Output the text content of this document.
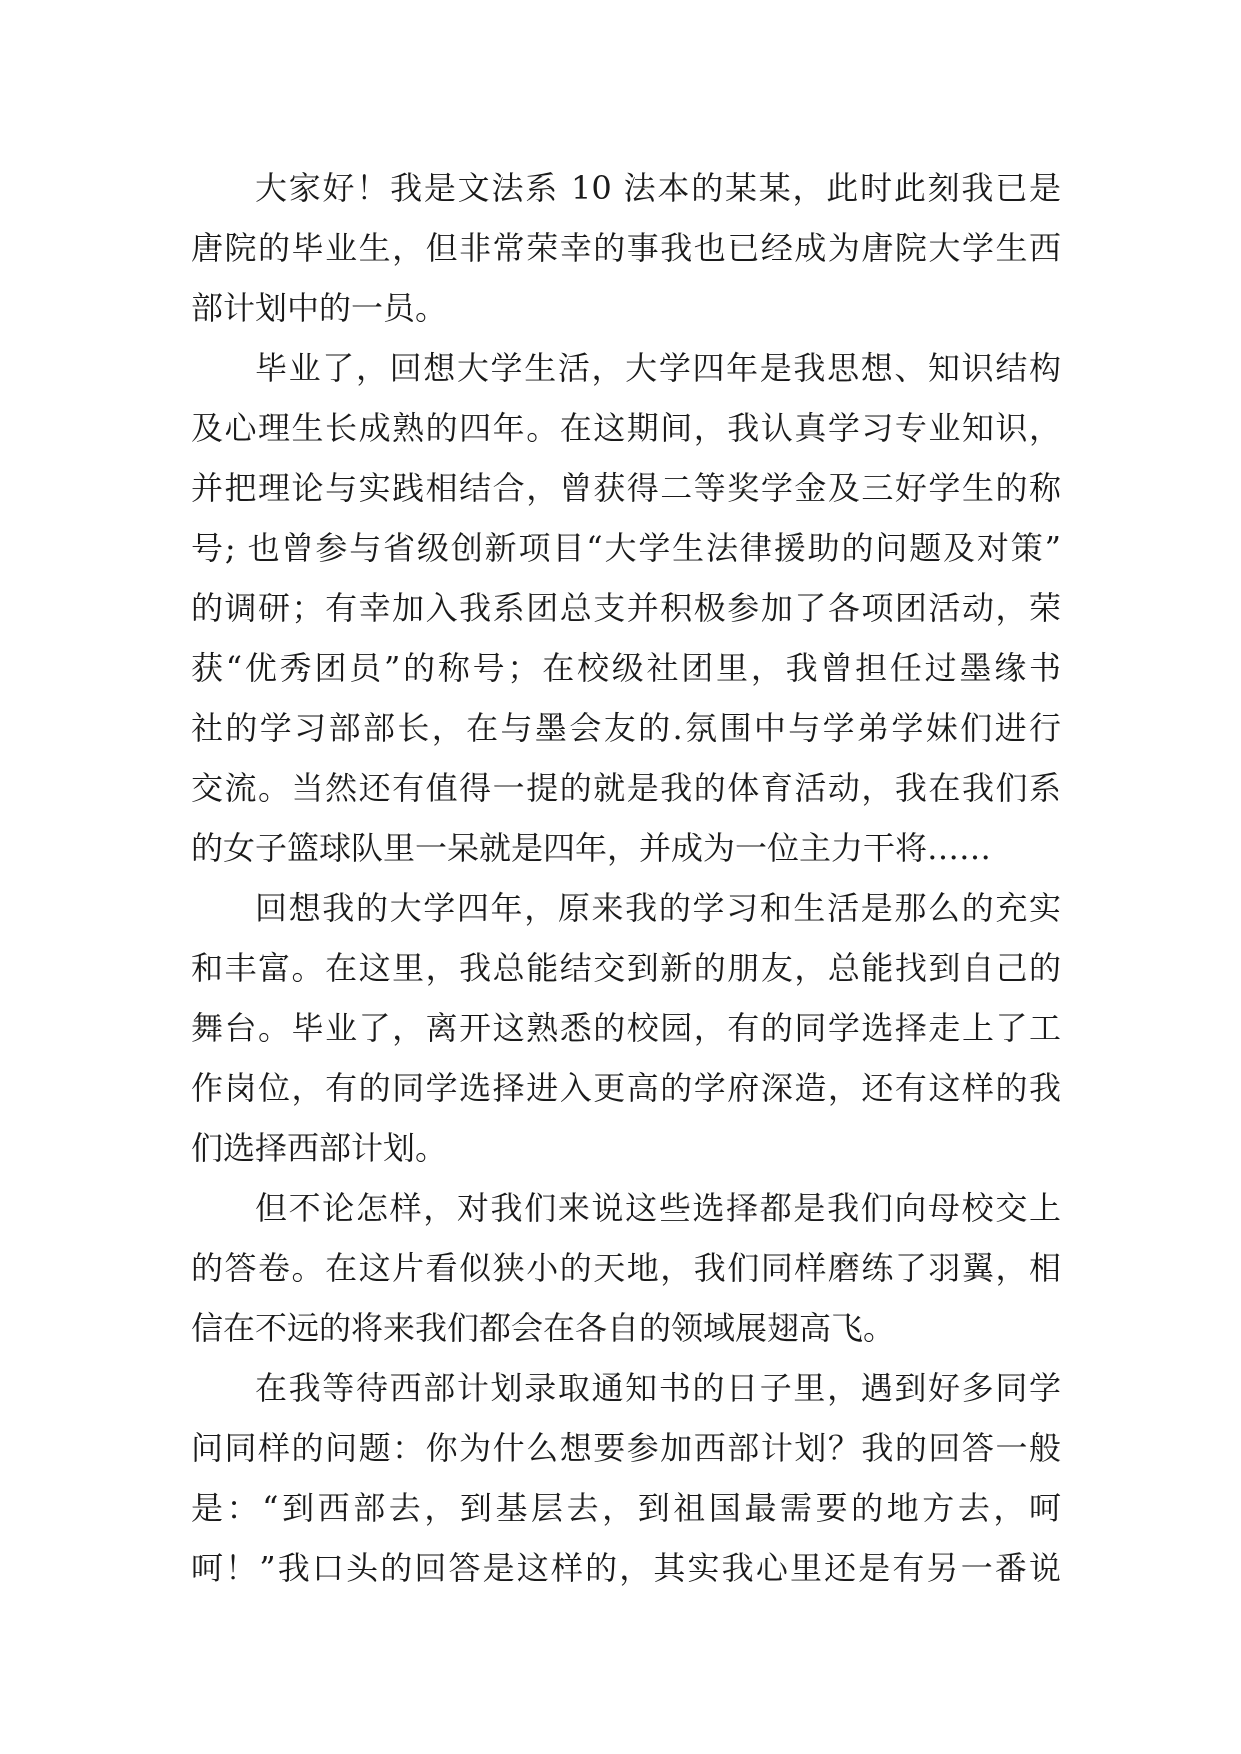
大家好！我是文法系 10 法本的某某，此时此刻我已是
唐院的毕业生，但非常荣幸的事我也已经成为唐院大学生西
部计划中的一员。
毕业了，回想大学生活，大学四年是我思想、知识结构
及心理生长成熟的四年。在这期间，我认真学习专业知识，
并把理论与实践相结合，曾获得二等奖学金及三好学生的称
号; 也曾参与省级创新项目“大学生法律援助的问题及对策”
的调研；有幸加入我系团总支并积极参加了各项团活动，荣
获“优秀团员”的称号；在校级社团里，我曾担任过墨缘书
社的学习部部长，在与墨会友的.氛围中与学弟学妹们进行
交流。当然还有值得一提的就是我的体育活动，我在我们系
的女子篮球队里一呆就是四年，并成为一位主力干将……
回想我的大学四年，原来我的学习和生活是那么的充实
和丰富。在这里，我总能结交到新的朋友，总能找到自己的
舞台。毕业了，离开这熟悉的校园，有的同学选择走上了工
作岗位，有的同学选择进入更高的学府深造，还有这样的我
们选择西部计划。
但不论怎样，对我们来说这些选择都是我们向母校交上
的答卷。在这片看似狭小的天地，我们同样磨练了羽翼，相
信在不远的将来我们都会在各自的领域展翅高飞。
在我等待西部计划录取通知书的日子里，遇到好多同学
问同样的问题：你为什么想要参加西部计划？我的回答一般
是：“到西部去，到基层去，到祖国最需要的地方去，呵
呵！”我口头的回答是这样的，其实我心里还是有另一番说
